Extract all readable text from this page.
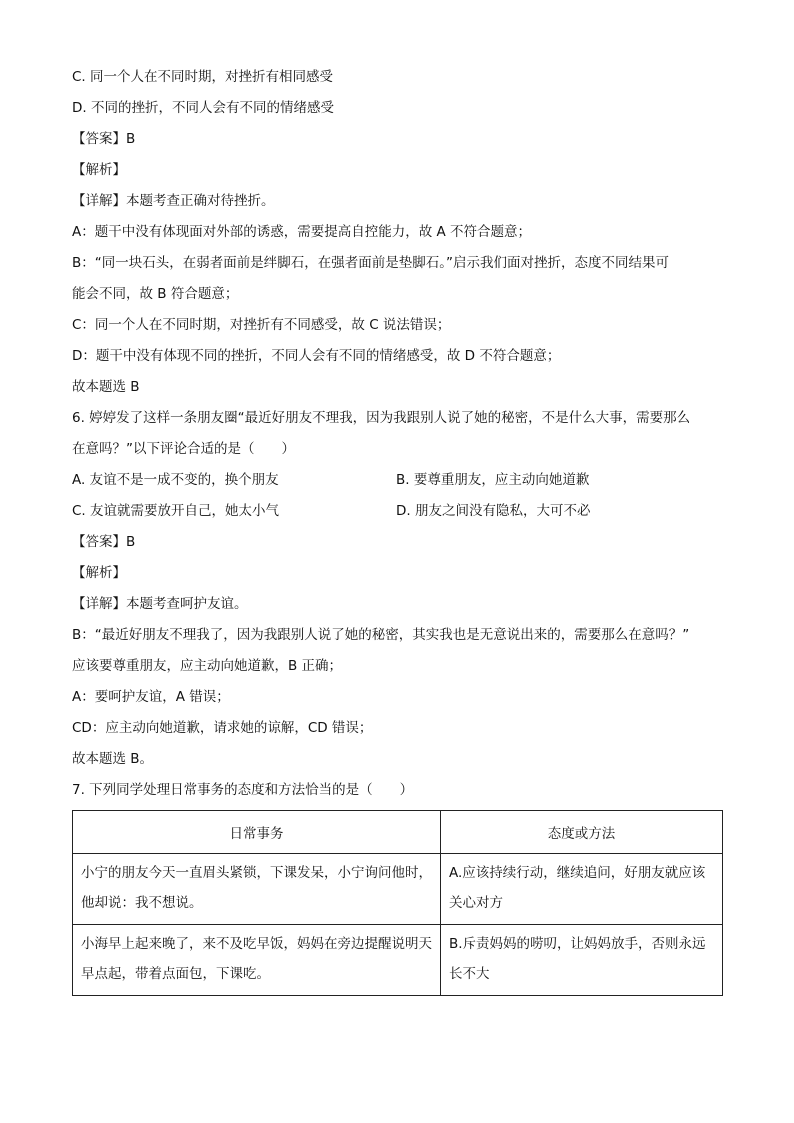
C. 同一个人在不同时期，对挫折有相同感受
D. 不同的挫折，不同人会有不同的情绪感受
【答案】B
【解析】
【详解】本题考查正确对待挫折。
A：题干中没有体现面对外部的诱惑，需要提高自控能力，故 A 不符合题意；
B：“同一块石头，在弱者面前是绊脚石，在强者面前是垫脚石。”启示我们面对挫折，态度不同结果可
能会不同，故 B 符合题意；
C：同一个人在不同时期，对挫折有不同感受，故 C 说法错误；
D：题干中没有体现不同的挫折，不同人会有不同的情绪感受，故 D 不符合题意；
故本题选 B
6. 婷婷发了这样一条朋友圈“最近好朋友不理我，因为我跟别人说了她的秘密，不是什么大事，需要那么
在意吗？”以下评论合适的是（　　）
A. 友谊不是一成不变的，换个朋友	B. 要尊重朋友，应主动向她道歉
C. 友谊就需要放开自己，她太小气	D. 朋友之间没有隐私，大可不必
【答案】B
【解析】
【详解】本题考查呵护友谊。
B：“最近好朋友不理我了，因为我跟别人说了她的秘密，其实我也是无意说出来的，需要那么在意吗？”
应该要尊重朋友，应主动向她道歉，B 正确；
A：要呵护友谊，A 错误；
CD：应主动向她道歉，请求她的谅解，CD 错误；
故本题选 B。
7. 下列同学处理日常事务的态度和方法恰当的是（　　）
日常事务	态度或方法
小宁的朋友今天一直眉头紧锁，下课发呆，小宁询问他时，他却说：我不想说。	A.应该持续行动，继续追问，好朋友就应该关心对方
小海早上起来晚了，来不及吃早饭，妈妈在旁边提醒说明天早点起，带着点面包，下课吃。	B.斥责妈妈的唠叨，让妈妈放手，否则永远长不大
